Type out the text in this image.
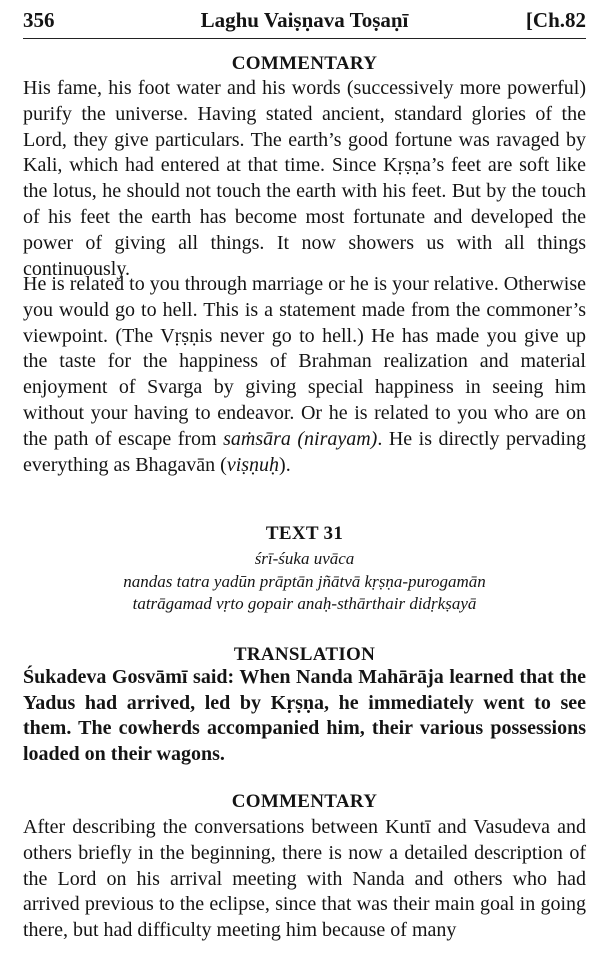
356	Laghu Vaiṣṇava Toṣaṇī	[Ch.82
COMMENTARY

His fame, his foot water and his words (successively more powerful) purify the universe. Having stated ancient, standard glories of the Lord, they give particulars. The earth’s good fortune was ravaged by Kali, which had entered at that time. Since Kṛṣṇa’s feet are soft like the lotus, he should not touch the earth with his feet. But by the touch of his feet the earth has become most fortunate and developed the power of giving all things. It now showers us with all things continuously.

He is related to you through marriage or he is your relative. Otherwise you would go to hell. This is a statement made from the commoner’s viewpoint. (The Vṛṣṇis never go to hell.) He has made you give up the taste for the happiness of Brahman realization and material enjoyment of Svarga by giving special happiness in seeing him without your having to endeavor. Or he is related to you who are on the path of escape from saṁsāra (nirayam). He is directly pervading everything as Bhagavān (viṣṇuḥ).

TEXT 31
śrī-śuka uvāca
nandas tatra yadūn prāptān jñātvā kṛṣṇa-purogamān
tatrāgamad vṛto gopair anaḥ-sthārthair didṛkṣayā
TRANSLATION

Śukadeva Gosvāmī said: When Nanda Mahārāja learned that the Yadus had arrived, led by Kṛṣṇa, he immediately went to see them. The cowherds accompanied him, their various possessions loaded on their wagons.

COMMENTARY

After describing the conversations between Kuntī and Vasudeva and others briefly in the beginning, there is now a detailed description of the Lord on his arrival meeting with Nanda and others who had arrived previous to the eclipse, since that was their main goal in going there, but had difficulty meeting him because of many
